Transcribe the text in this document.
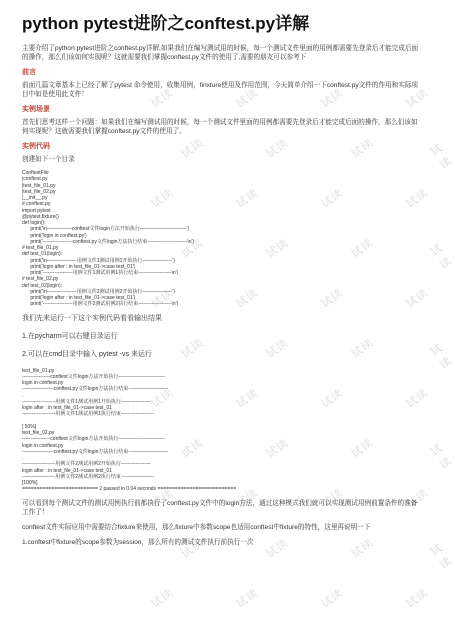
试读	试读	试读	试读
试读	试读	试读	试读
试读	试读	试读	试读
试读	试读	试读	试读
试读	试读	试读	试读
试读	试读	试读	试读
试读	试读	试读	试读
试读	试读	试读	试读
试读	试读	试读	试读
试读	试读	试读	试读
试读	试读	试读	试读
python pytest进阶之conftest.py详解
主要介绍了python pytest进阶之conftest.py详解,如果我们在编写测试用的时候，每一个测试文件里面的用例都需要先登录后才能完成后面的操作，那么们该如何实现呢？这就需要我们掌握conftest.py文件的使用了,需要的朋友可以参考下
前言
前面几篇文章基本上已经了解了pytest 命令使用，收集用例，finxture使用及作用范围，今天简单介绍一下conftest.py文件的作用和实际项目中如是使用此文件！
实例场景
首先们思考这样一个问题：如果我们在编写测试用的时候，每一个测试文件里面的用例都需要先登录后才能完成后面的操作，那么们该如何实现呢？这就需要我们掌握conftest.py文件的使用了。
实例代码
创建如下一个目录
ConftestFile
|conftest.py
|test_file_01.py
|test_file_02.py
|__init__.py
# conftest.py
import pytest
@pytest.fixture()
def login():
print('\n---------------conftest文件login方法开始执行----------------------------')
print('login in conftest.py')
print('------------------conftest.py文件login方法执行结束------------------------\n')
# test_file_01.py
def test_01(login):
print('\n------------------用例文件1测试用例1开始执行------------------')
print('login after : in test_file_01->case test_01')
print('------------------用例文件1测试用例1执行结束--------------------\n')
# test_file_02.py
def test_02(login):
print('\n------------------用例文件2测试用例2开始执行------------------')
print('login after : in test_file_01->case test_01')
print('------------------用例文件2测试用例2执行结束--------------------\n')
我们先来运行一下这个实例代码看看输出结果
1.在pycharm可以右键目录运行
2.可以在cmd目录中输入 pytest -vs 来运行
test_file_01.py
-----------------conftest文件login方法开始执行----------------------------
login in conftest.py
-------------------conftest.py文件login方法执行结束------------------------
.
--------------------用例文件1测试用例1开始执行------------------
login after : in test_file_01->case test_01
--------------------用例文件1测试用例1执行结束--------------------

[ 50%]
test_file_02.py
-----------------conftest文件login方法开始执行----------------------------
login in conftest.py
-------------------conftest.py文件login方法执行结束------------------------
.
--------------------用例文件2测试用例2开始执行------------------
login after : in test_file_01->case test_01
--------------------用例文件2测试用例2执行结束--------------------
[100%]
========================== 2 passed in 0.04 seconds ===========================
可以看到每个测试文件的测试用例执行前都执行了conftest.py文件中的login方法，通过这种模式我们就可以实现测试用例前置条件的准备工作了！
conftest文件实际应用中需要结合fixture来使用，那么fixture中参数scope也适用conftest中fixture的特性，这里再说明一下
1.conftest中fixture的scope参数为session，那么所有的测试文件执行前执行一次
